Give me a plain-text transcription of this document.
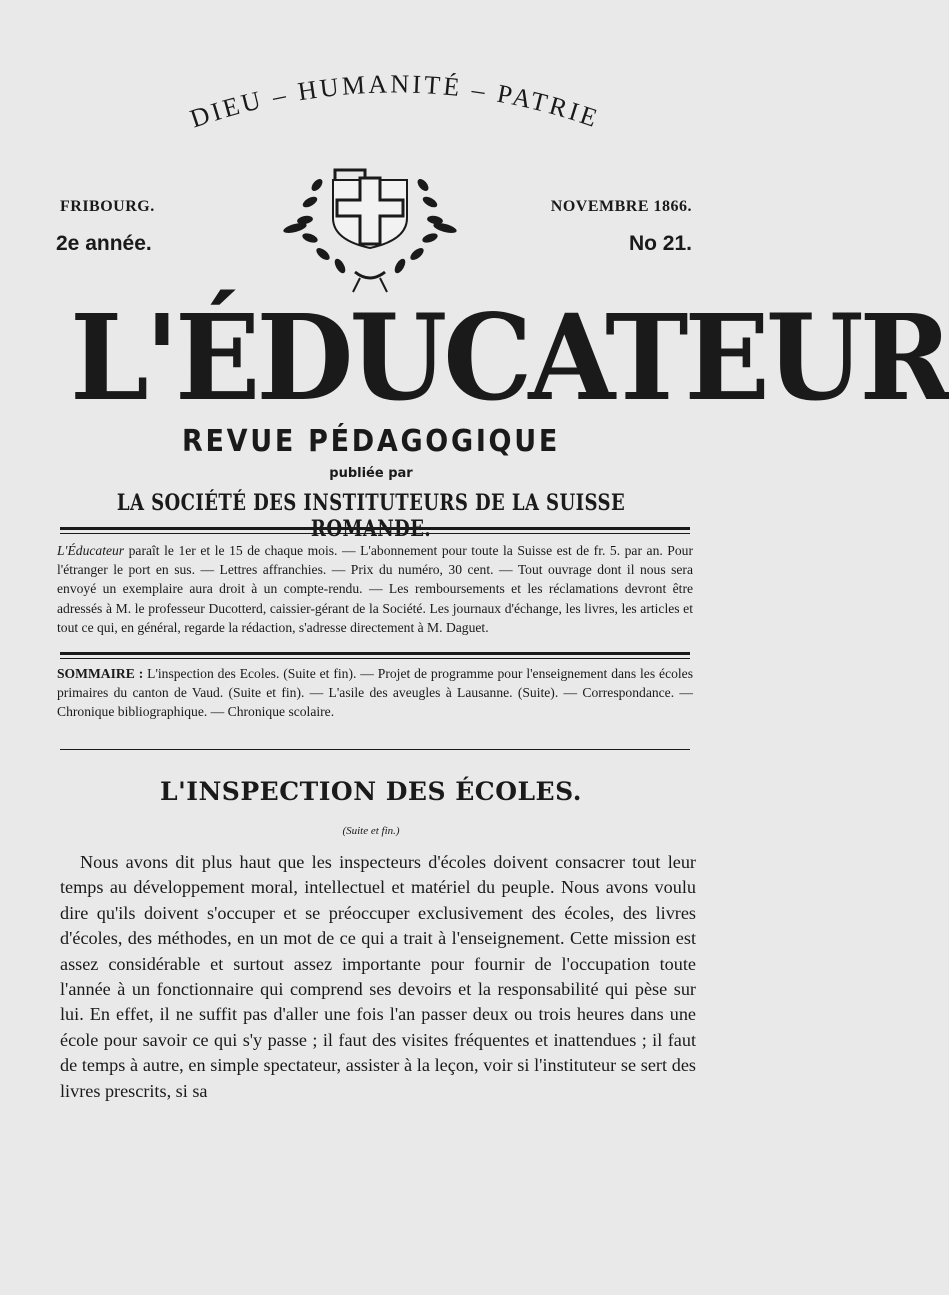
DIEU – HUMANITÉ – PATRIE
FRIBOURG.	NOVEMBRE 1866.
2e année.	No 21.
L'ÉDUCATEUR
REVUE PÉDAGOGIQUE
publiée par
LA SOCIÉTÉ DES INSTITUTEURS DE LA SUISSE
L'Éducateur paraît le 1er et le 15 de chaque mois. — L'abonnement pour toute la Suisse est de fr. 5. par an. Pour l'étranger le port en sus. — Lettres affranchies. — Prix du numéro, 30 cent. — Tout ouvrage dont il nous sera envoyé un exemplaire aura droit à un compte-rendu. — Les remboursements et les réclamations devront être adressés à M. le professeur Ducotterd, caissier-gérant de la Société. Les journaux d'échange, les livres, les articles et tout ce qui, en général, regarde la rédaction, s'adresse directement à M. Daguet.
SOMMAIRE : L'inspection des Ecoles. (Suite et fin). — Projet de programme pour l'enseignement dans les écoles primaires du canton de Vaud. (Suite et fin). — L'asile des aveugles à Lausanne. (Suite). — Correspondance. — Chronique bibliographique. — Chronique scolaire.
L'INSPECTION DES ÉCOLES.
(Suite et fin.)
Nous avons dit plus haut que les inspecteurs d'écoles doivent consacrer tout leur temps au développement moral, intellectuel et matériel du peuple. Nous avons voulu dire qu'ils doivent s'occuper et se préoccuper exclusivement des écoles, des livres d'écoles, des méthodes, en un mot de ce qui a trait à l'enseignement. Cette mission est assez considérable et surtout assez importante pour fournir de l'occupation toute l'année à un fonctionnaire qui comprend ses devoirs et la responsabilité qui pèse sur lui. En effet, il ne suffit pas d'aller une fois l'an passer deux ou trois heures dans une école pour savoir ce qui s'y passe ; il faut des visites fréquentes et inattendues ; il faut de temps à autre, en simple spectateur, assister à la leçon, voir si l'instituteur se sert des livres prescrits, si sa
